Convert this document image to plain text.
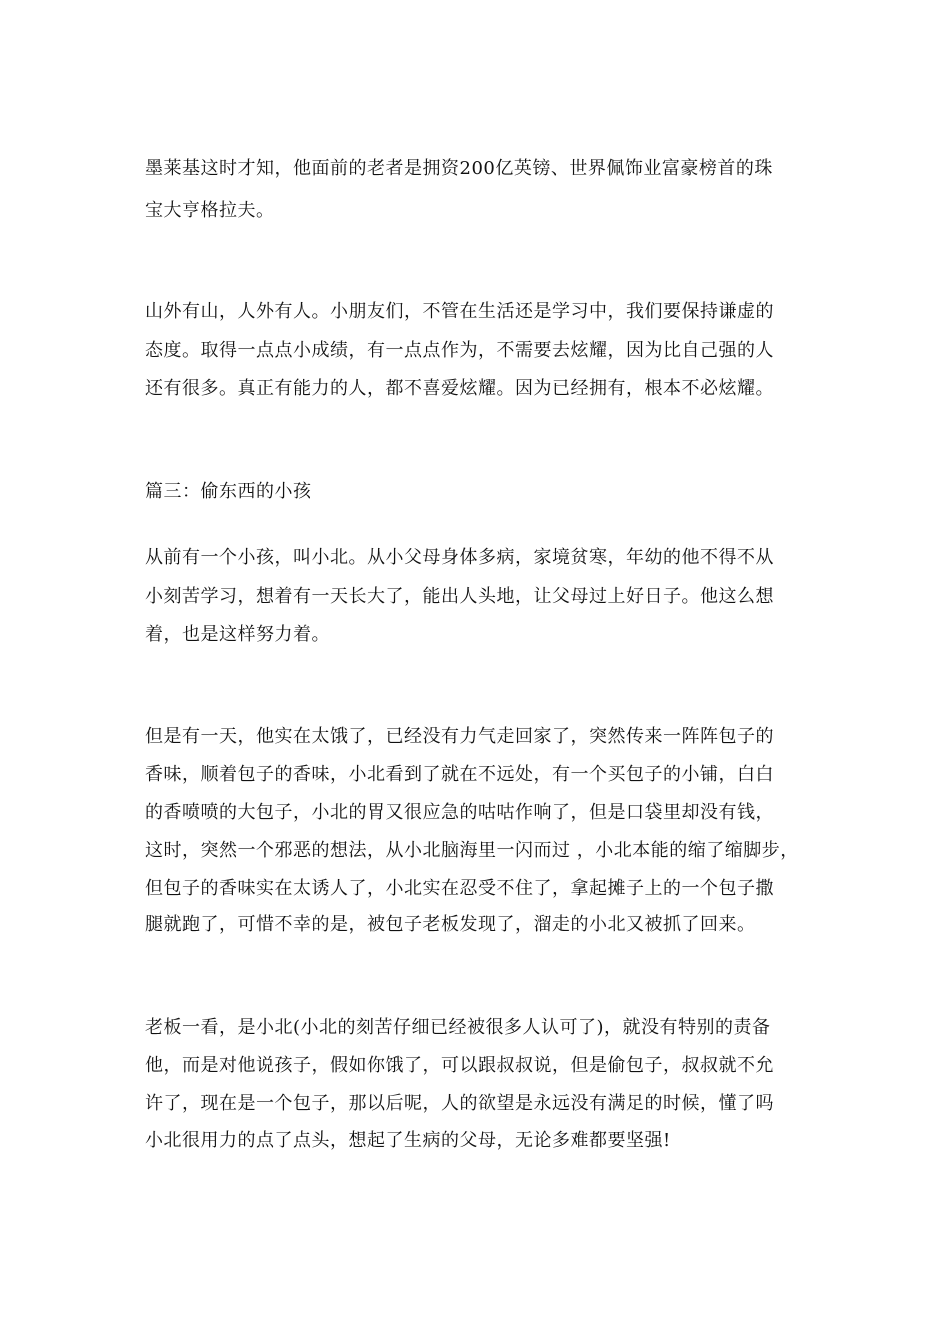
墨莱基这时才知，他面前的老者是拥资200亿英镑、世界佩饰业富豪榜首的珠
宝大亨格拉夫。
山外有山，人外有人。小朋友们，不管在生活还是学习中，我们要保持谦虚的
态度。取得一点点小成绩，有一点点作为，不需要去炫耀，因为比自己强的人
还有很多。真正有能力的人，都不喜爱炫耀。因为已经拥有，根本不必炫耀。
篇三：偷东西的小孩
从前有一个小孩，叫小北。从小父母身体多病，家境贫寒，年幼的他不得不从
小刻苦学习，想着有一天长大了，能出人头地，让父母过上好日子。他这么想
着，也是这样努力着。
但是有一天，他实在太饿了，已经没有力气走回家了，突然传来一阵阵包子的
香味，顺着包子的香味，小北看到了就在不远处，有一个买包子的小铺，白白
的香喷喷的大包子，小北的胃又很应急的咕咕作响了，但是口袋里却没有钱，
这时，突然一个邪恶的想法，从小北脑海里一闪而过 ，小北本能的缩了缩脚步，
但包子的香味实在太诱人了，小北实在忍受不住了，拿起摊子上的一个包子撒
腿就跑了，可惜不幸的是，被包子老板发现了，溜走的小北又被抓了回来。
老板一看，是小北(小北的刻苦仔细已经被很多人认可了)，就没有特别的责备
他，而是对他说孩子，假如你饿了，可以跟叔叔说，但是偷包子，叔叔就不允
许了，现在是一个包子，那以后呢，人的欲望是永远没有满足的时候，懂了吗
小北很用力的点了点头，想起了生病的父母，无论多难都要坚强!
